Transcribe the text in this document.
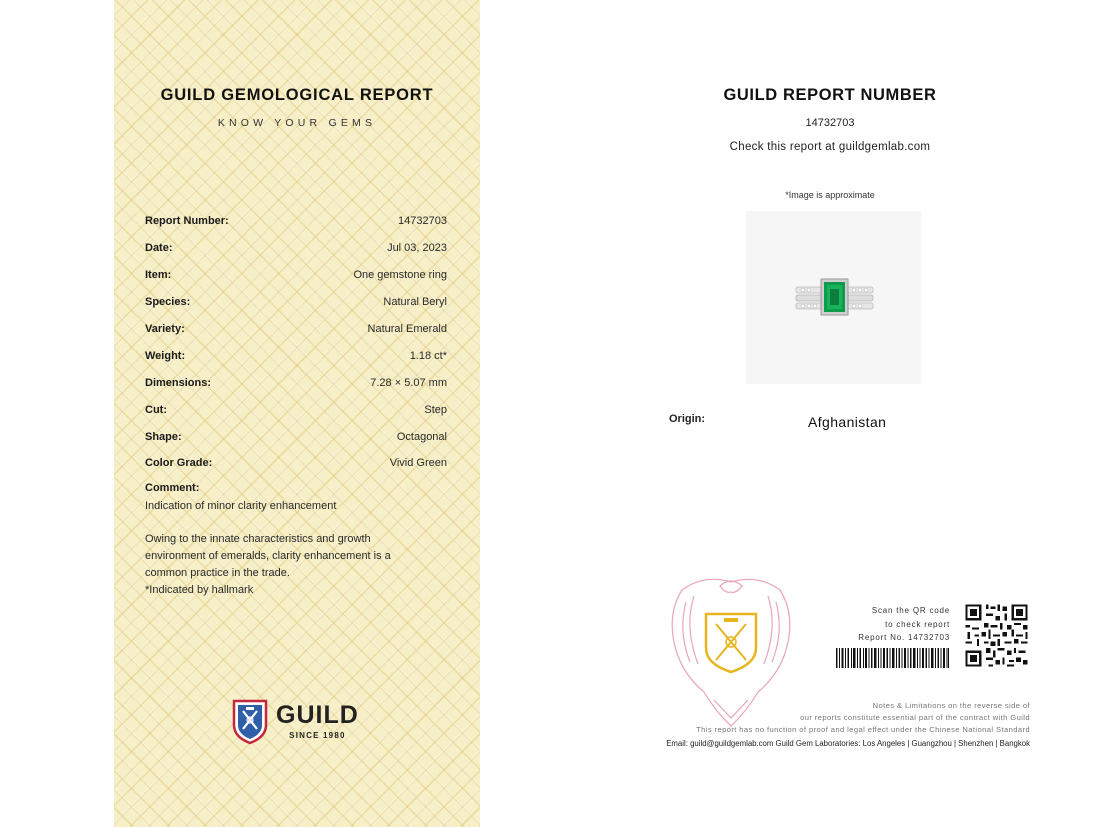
GUILD GEMOLOGICAL REPORT
KNOW YOUR GEMS
Report Number:	14732703
Date:	Jul 03, 2023
Item:	One gemstone ring
Species:	Natural Beryl
Variety:	Natural Emerald
Weight:	1.18 ct*
Dimensions:	7.28 × 5.07 mm
Cut:	Step
Shape:	Octagonal
Color Grade:	Vivid Green
Comment:
Indication of minor clarity enhancement
Owing to the innate characteristics and growth
environment of emeralds, clarity enhancement is a
common practice in the trade.
*Indicated by hallmark
GUILD
SINCE 1980
GUILD REPORT NUMBER
14732703
Check this report at guildgemlab.com
*Image is approximate
Origin:	Afghanistan
Scan the QR code
to check report
Report No. 14732703
Notes & Limitations on the reverse side of
our reports constitute essential part of the contract with Guild
This report has no function of proof and legal effect under the Chinese National Standard
Email: guild@guildgemlab.com Guild Gem Laboratories: Los Angeles | Guangzhou | Shenzhen | Bangkok
